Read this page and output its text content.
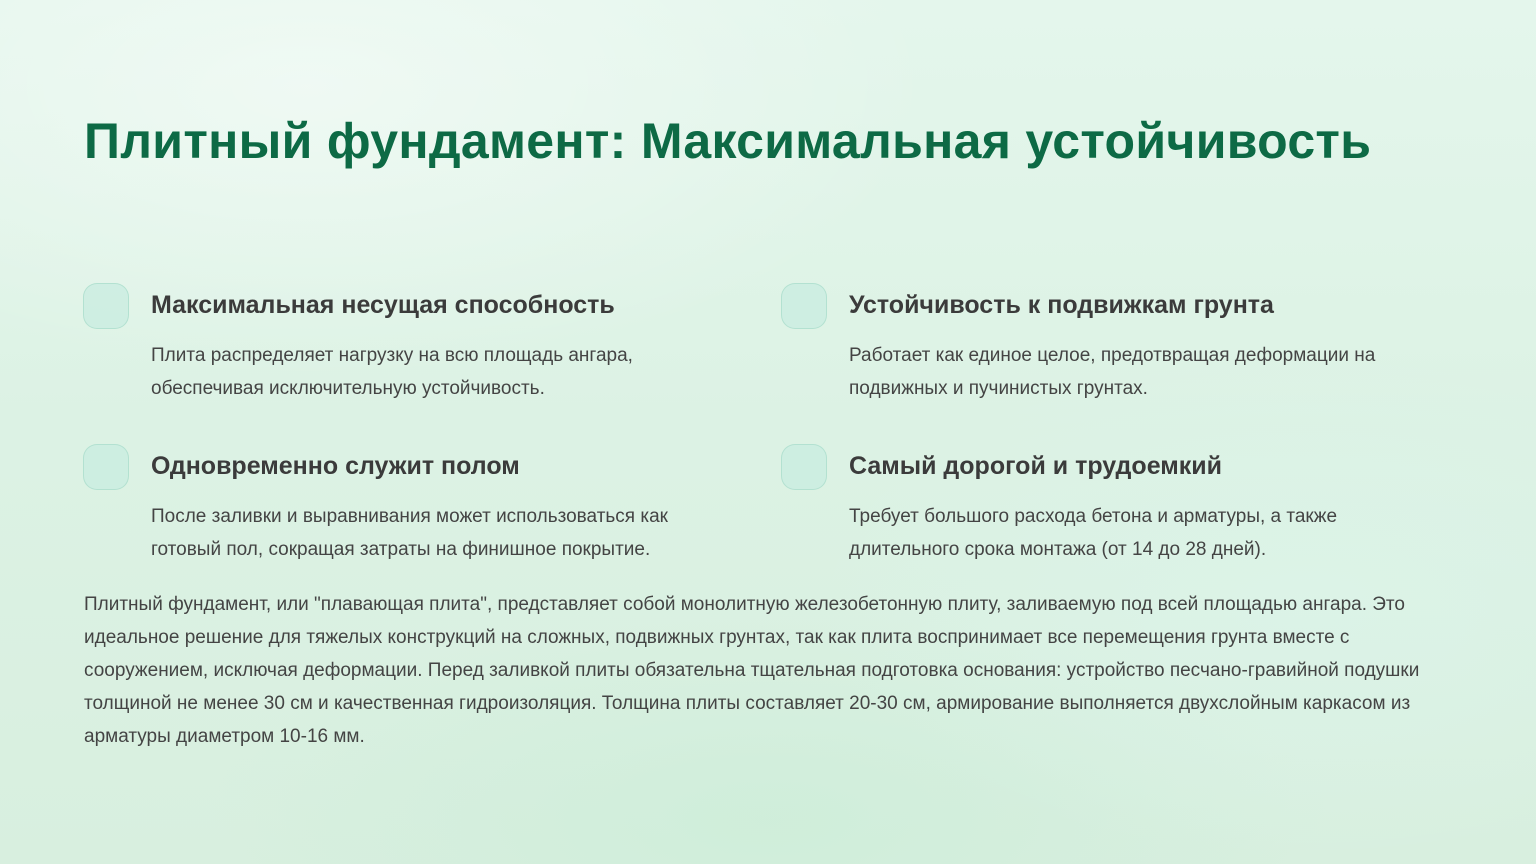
Плитный фундамент: Максимальная устойчивость
Максимальная несущая способность

Плита распределяет нагрузку на всю площадь ангара, обеспечивая исключительную устойчивость.

Устойчивость к подвижкам грунта

Работает как единое целое, предотвращая деформации на подвижных и пучинистых грунтах.

Одновременно служит полом

После заливки и выравнивания может использоваться как готовый пол, сокращая затраты на финишное покрытие.

Самый дорогой и трудоемкий

Требует большого расхода бетона и арматуры, а также длительного срока монтажа (от 14 до 28 дней).

Плитный фундамент, или "плавающая плита", представляет собой монолитную железобетонную плиту, заливаемую под всей площадью ангара. Это идеальное решение для тяжелых конструкций на сложных, подвижных грунтах, так как плита воспринимает все перемещения грунта вместе с сооружением, исключая деформации. Перед заливкой плиты обязательна тщательная подготовка основания: устройство песчано-гравийной подушки толщиной не менее 30 см и качественная гидроизоляция. Толщина плиты составляет 20-30 см, армирование выполняется двухслойным каркасом из арматуры диаметром 10-16 мм.
